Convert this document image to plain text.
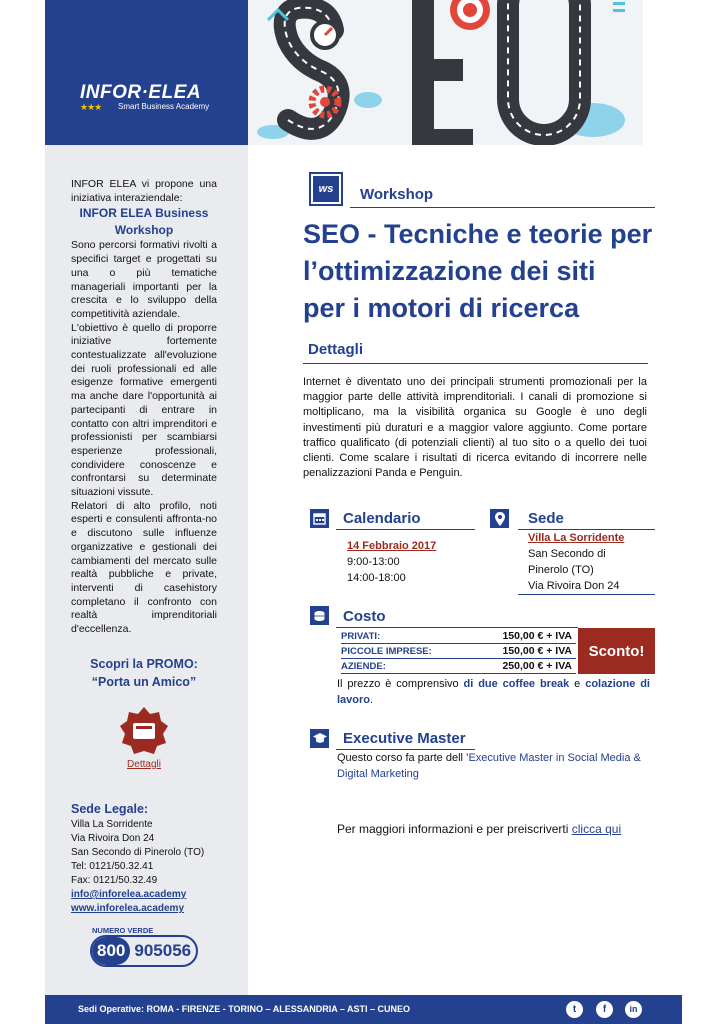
INFOR·ELEA
★★★ Smart Business Academy
INFOR ELEA vi propone una iniziativa interaziendale:
INFOR ELEA Business Workshop
Sono percorsi formativi rivolti a specifici target e progettati su una o più tematiche manageriali importanti per la crescita e lo sviluppo della competitività aziendale.
L'obiettivo è quello di proporre iniziative fortemente contestualizzate all'evoluzione dei ruoli professionali ed alle esigenze formative emergenti ma anche dare l'opportunità ai partecipanti di entrare in contatto con altri imprenditori e professionisti per scambiarsi esperienze professionali, condividere conoscenze e confrontarsi su determinate situazioni vissute.
Relatori di alto profilo, noti esperti e consulenti affronta-no e discutono sulle influenze organizzative e gestionali dei cambiamenti del mercato sulle realtà pubbliche e private, interventi di casehistory completano il confronto con realtà imprenditoriali d'eccellenza.
Scopri la PROMO:
“Porta un Amico”
Dettagli
Sede Legale:
Villa La Sorridente
Via Rivoira Don 24
San Secondo di Pinerolo (TO)
Tel: 0121/50.32.41
Fax: 0121/50.32.49
info@inforelea.academy
www.inforelea.academy
NUMERO VERDE
800 905056
ws Workshop
SEO - Tecniche e teorie per
l’ottimizzazione dei siti
per i motori di ricerca
Dettagli
Internet è diventato uno dei principali strumenti promozionali per la maggior parte delle attività imprenditoriali. I canali di promozione si moltiplicano, ma la visibilità organica su Google è uno degli investimenti più duraturi e a maggior valore aggiunto. Come portare traffico qualificato (di potenziali clienti) al tuo sito o a quello dei tuoi clienti. Come scalare i risultati di ricerca evitando di incorrere nelle penalizzazioni Panda e Penguin.
Calendario
14 Febbraio 2017
9:00-13:00
14:00-18:00
Sede
Villa La Sorridente
San Secondo di
Pinerolo (TO)
Via Rivoira Don 24
Costo
PRIVATI:	150,00 € + IVA
PICCOLE IMPRESE:	150,00 € + IVA
AZIENDE:	250,00 € + IVA
Sconto!
Il prezzo è comprensivo di due coffee break e colazione di lavoro.
Executive Master
Questo corso fa parte dell ’Executive Master in Social Media & Digital Marketing
Per maggiori informazioni e per preiscriverti clicca qui
Sedi Operative: ROMA - FIRENZE - TORINO – ALESSANDRIA – ASTI – CUNEO	t	f	in
